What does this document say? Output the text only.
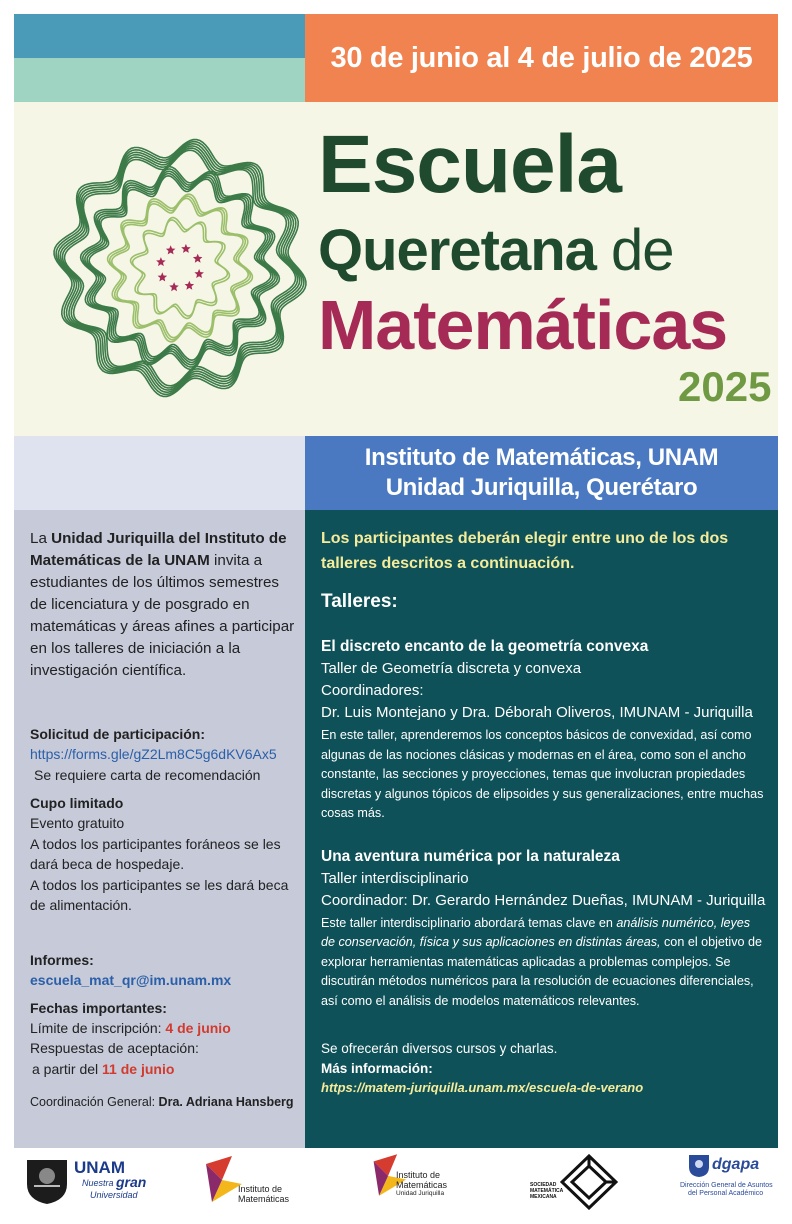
30 de junio al 4 de julio de 2025
Escuela
Queretana de
Matemáticas
2025
Instituto de Matemáticas, UNAM
Unidad Juriquilla, Querétaro
La Unidad Juriquilla del Instituto de Matemáticas de la UNAM invita a estudiantes de los últimos semestres de licenciatura y de posgrado en matemáticas y áreas afines a participar en los talleres de iniciación a la investigación científica.
Solicitud de participación:
https://forms.gle/gZ2Lm8C5g6dKV6Ax5
Se requiere carta de recomendación
Cupo limitado
Evento gratuito
A todos los participantes foráneos se les dará beca de hospedaje.
A todos los participantes se les dará beca de alimentación.
Informes:
escuela_mat_qr@im.unam.mx
Fechas importantes:
Límite de inscripción: 4 de junio
Respuestas de aceptación:
a partir del 11 de junio
Coordinación General: Dra. Adriana Hansberg
Los participantes deberán elegir entre uno de los dos talleres descritos a continuación.
Talleres:
El discreto encanto de la geometría convexa
Taller de Geometría discreta y convexa
Coordinadores:
Dr. Luis Montejano y Dra. Déborah Oliveros, IMUNAM - Juriquilla
En este taller, aprenderemos los conceptos básicos de convexidad, así como algunas de las nociones clásicas y modernas en el área, como son el ancho constante, las secciones y proyecciones, temas que involucran propiedades discretas y algunos tópicos de elipsoides y sus generalizaciones, entre muchas cosas más.
Una aventura numérica por la naturaleza
Taller interdisciplinario
Coordinador: Dr. Gerardo Hernández Dueñas, IMUNAM - Juriquilla
Este taller interdisciplinario abordará temas clave en análisis numérico, leyes de conservación, física y sus aplicaciones en distintas áreas, con el objetivo de explorar herramientas matemáticas aplicadas a problemas complejos. Se discutirán métodos numéricos para la resolución de ecuaciones diferenciales, así como el análisis de modelos matemáticos relevantes.
Se ofrecerán diversos cursos y charlas.
Más información:
https://matem-juriquilla.unam.mx/escuela-de-verano
UNAM
Nuestra gran
Universidad
Instituto de
Matemáticas
Instituto de
Matemáticas
Unidad Juriquilla
SOCIEDAD
MATEMÁTICA
MEXICANA
dgapa
Dirección General de Asuntos
del Personal Académico
